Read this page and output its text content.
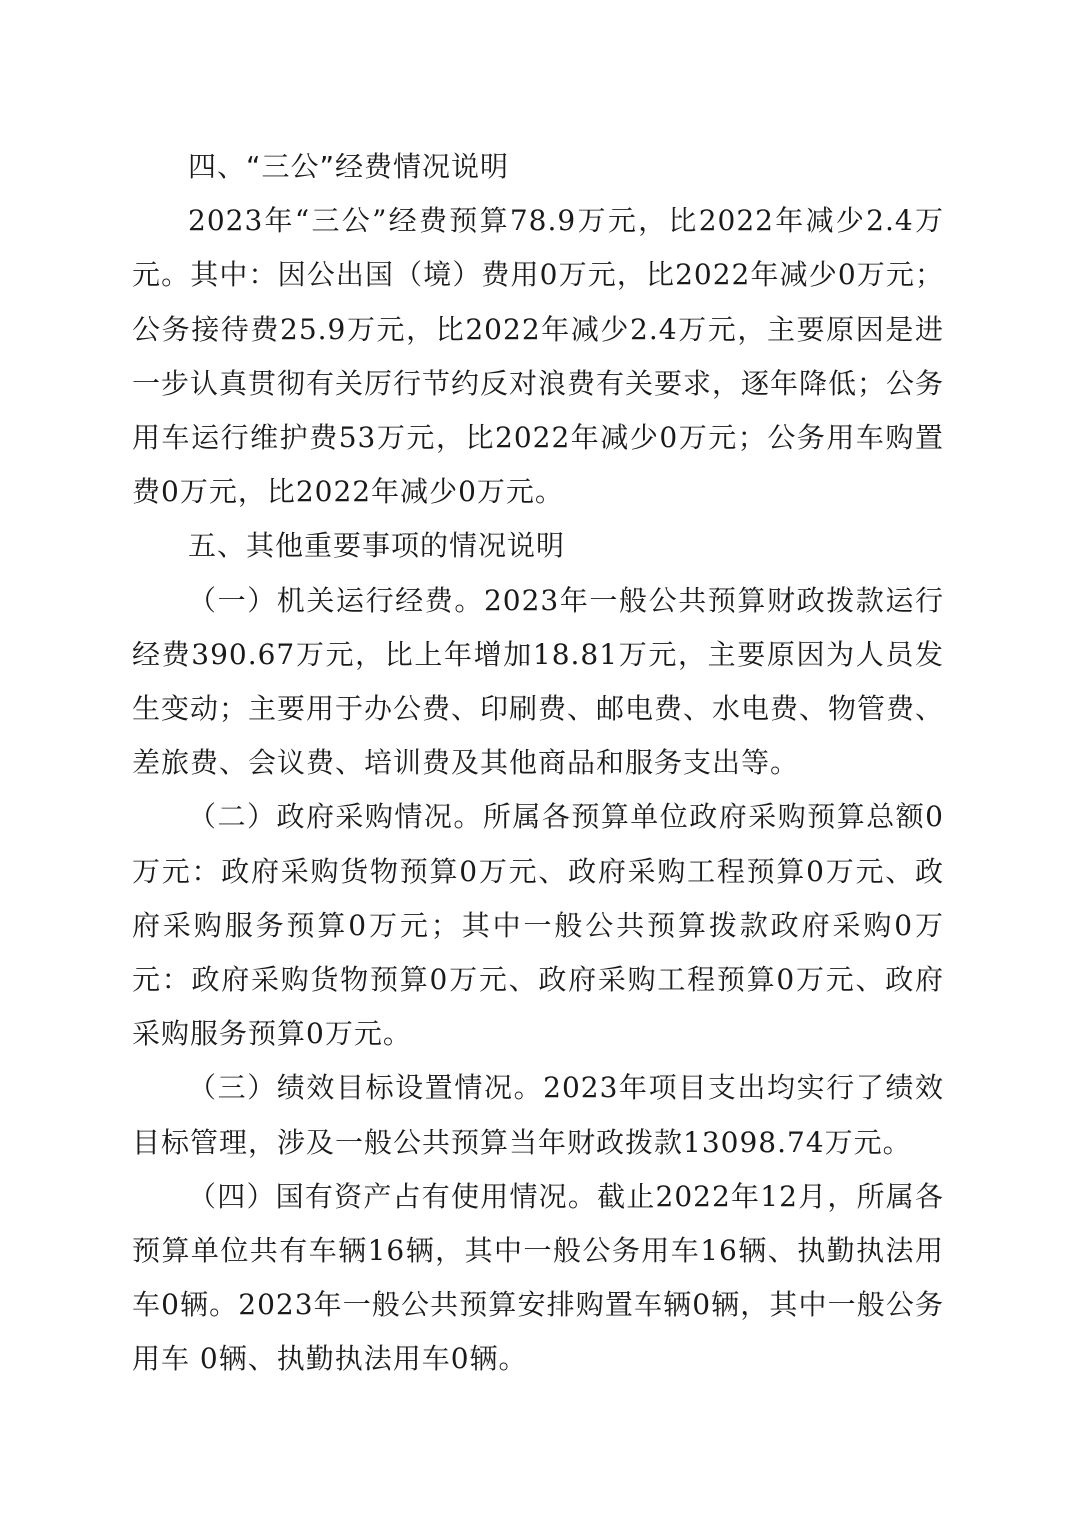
四、“三公”经费情况说明

2023年“三公”经费预算78.9万元，比2022年减少2.4万元。其中：因公出国（境）费用0万元，比2022年减少0万元；公务接待费25.9万元，比2022年减少2.4万元，主要原因是进一步认真贯彻有关厉行节约反对浪费有关要求，逐年降低；公务用车运行维护费53万元，比2022年减少0万元；公务用车购置费0万元，比2022年减少0万元。

五、其他重要事项的情况说明

（一）机关运行经费。2023年一般公共预算财政拨款运行经费390.67万元，比上年增加18.81万元，主要原因为人员发生变动；主要用于办公费、印刷费、邮电费、水电费、物管费、差旅费、会议费、培训费及其他商品和服务支出等。

（二）政府采购情况。所属各预算单位政府采购预算总额0万元：政府采购货物预算0万元、政府采购工程预算0万元、政府采购服务预算0万元；其中一般公共预算拨款政府采购0万元：政府采购货物预算0万元、政府采购工程预算0万元、政府采购服务预算0万元。

（三）绩效目标设置情况。2023年项目支出均实行了绩效目标管理，涉及一般公共预算当年财政拨款13098.74万元。

（四）国有资产占有使用情况。截止2022年12月，所属各预算单位共有车辆16辆，其中一般公务用车16辆、执勤执法用车0辆。2023年一般公共预算安排购置车辆0辆，其中一般公务用车 0辆、执勤执法用车0辆。
